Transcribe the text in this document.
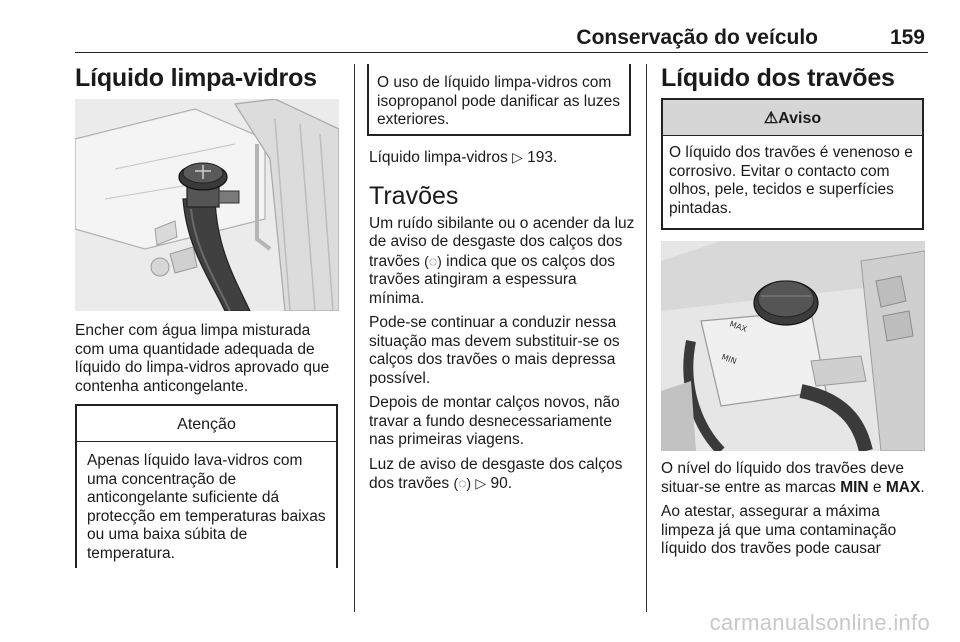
Conservação do veículo	159
Líquido limpa-vidros

Encher com água limpa misturada com uma quantidade adequada de líquido do limpa-vidros aprovado que contenha anticongelante.

Atenção

Apenas líquido lava-vidros com uma concentração de anticongelante suficiente dá protecção em temperaturas baixas ou uma baixa súbita de temperatura.

O uso de líquido limpa-vidros com isopropanol pode danificar as luzes exteriores.

Líquido limpa-vidros ▷ 193.

Travões

Um ruído sibilante ou o acender da luz de aviso de desgaste dos calços dos travões (◌) indica que os calços dos travões atingiram a espessura mínima.

Pode-se continuar a conduzir nessa situação mas devem substituir-se os calços dos travões o mais depressa possível.

Depois de montar calços novos, não travar a fundo desnecessariamente nas primeiras viagens.

Luz de aviso de desgaste dos calços dos travões (◌) ▷ 90.

Líquido dos travões
⚠Aviso

O líquido dos travões é venenoso e corrosivo. Evitar o contacto com olhos, pele, tecidos e superfícies pintadas.

MAX
MIN

O nível do líquido dos travões deve situar-se entre as marcas MIN e MAX.

Ao atestar, assegurar a máxima limpeza já que uma contaminação líquido dos travões pode causar

carmanualsonline.info
